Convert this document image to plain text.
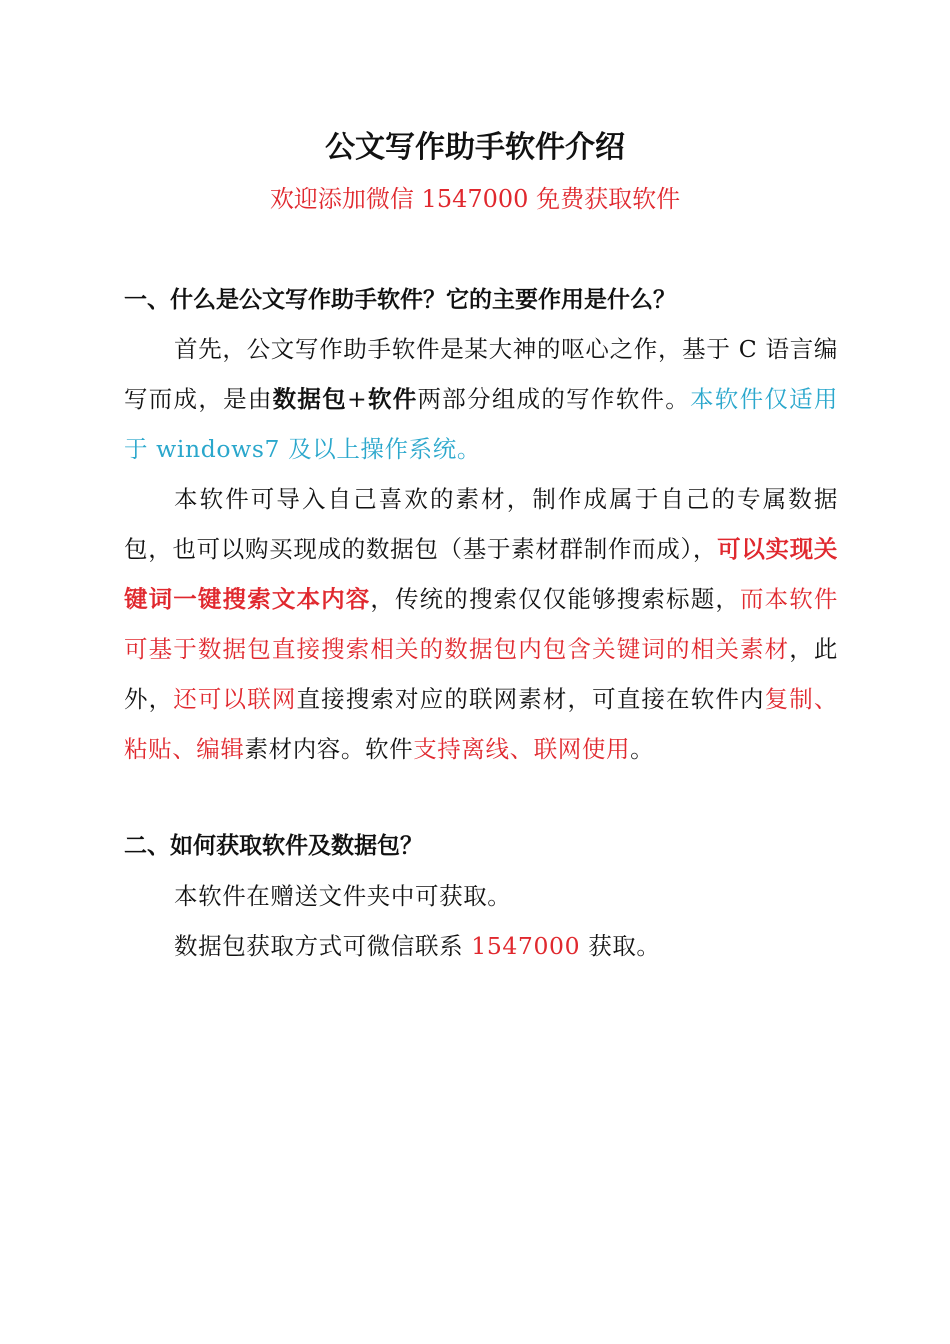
公文写作助手软件介绍
欢迎添加微信 1547000 免费获取软件
一、什么是公文写作助手软件？它的主要作用是什么？
首先，公文写作助手软件是某大神的呕心之作，基于 C 语言编写而成，是由数据包+软件两部分组成的写作软件。本软件仅适用于 windows7 及以上操作系统。
本软件可导入自己喜欢的素材，制作成属于自己的专属数据包，也可以购买现成的数据包（基于素材群制作而成），可以实现关键词一键搜索文本内容，传统的搜索仅仅能够搜索标题，而本软件可基于数据包直接搜索相关的数据包内包含关键词的相关素材，此外，还可以联网直接搜索对应的联网素材，可直接在软件内复制、粘贴、编辑素材内容。软件支持离线、联网使用。
二、如何获取软件及数据包？
本软件在赠送文件夹中可获取。
数据包获取方式可微信联系 1547000 获取。
